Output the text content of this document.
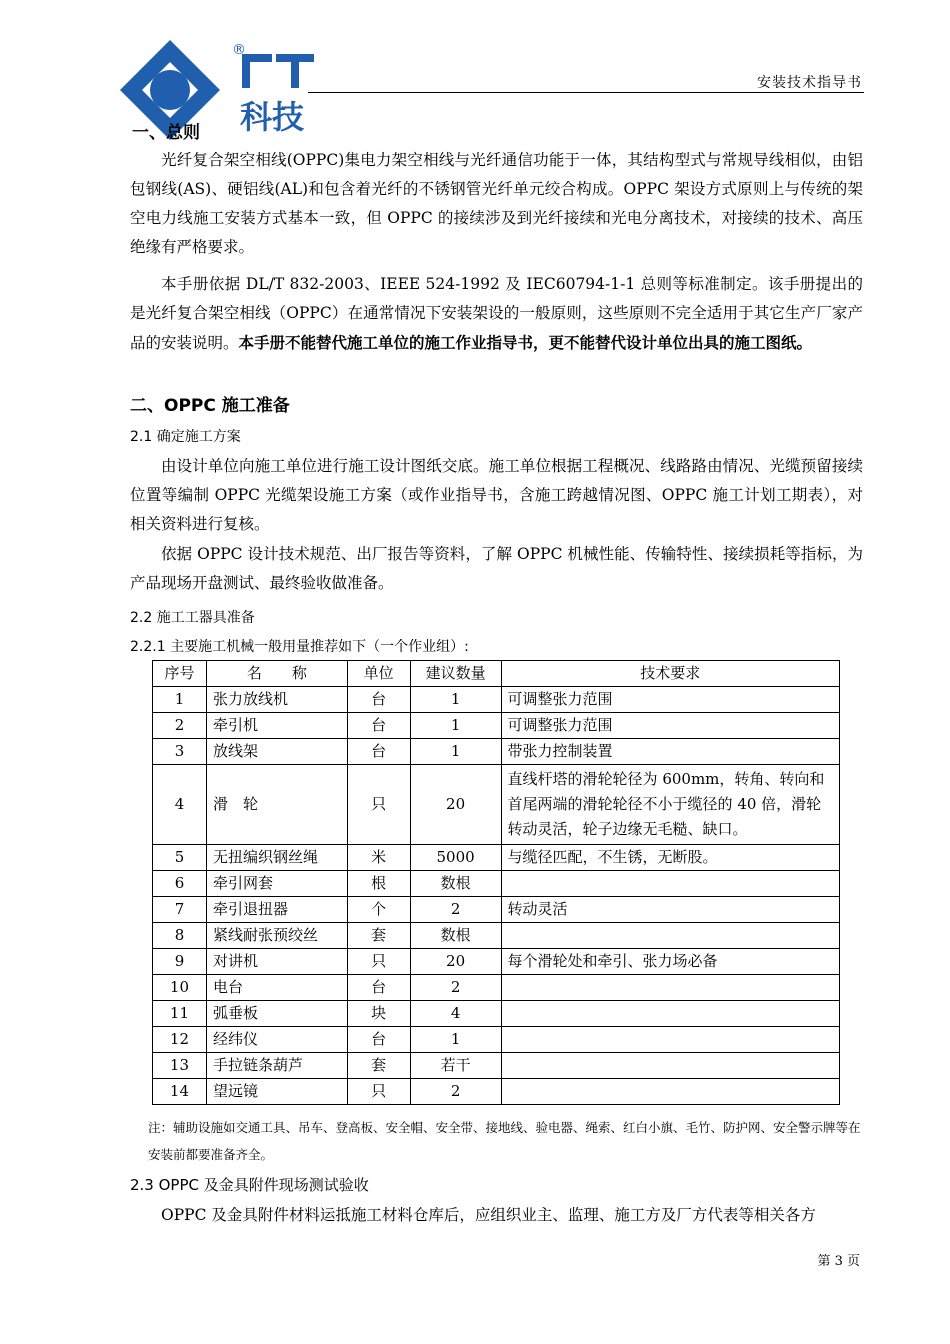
®
科技
安装技术指导书
一、总则

光纤复合架空相线(OPPC)集电力架空相线与光纤通信功能于一体，其结构型式与常规导线相似，由铝包钢线(AS)、硬铝线(AL)和包含着光纤的不锈钢管光纤单元绞合构成。OPPC 架设方式原则上与传统的架空电力线施工安装方式基本一致，但 OPPC 的接续涉及到光纤接续和光电分离技术，对接续的技术、高压绝缘有严格要求。

本手册依据 DL/T 832-2003、IEEE 524-1992 及 IEC60794-1-1 总则等标准制定。该手册提出的是光纤复合架空相线（OPPC）在通常情况下安装架设的一般原则，这些原则不完全适用于其它生产厂家产品的安装说明。本手册不能替代施工单位的施工作业指导书，更不能替代设计单位出具的施工图纸。

二、OPPC 施工准备
2.1 确定施工方案

由设计单位向施工单位进行施工设计图纸交底。施工单位根据工程概况、线路路由情况、光缆预留接续位置等编制 OPPC 光缆架设施工方案（或作业指导书，含施工跨越情况图、OPPC 施工计划工期表），对相关资料进行复核。

依据 OPPC 设计技术规范、出厂报告等资料，了解 OPPC 机械性能、传输特性、接续损耗等指标，为产品现场开盘测试、最终验收做准备。

2.2 施工工器具准备
2.2.1 主要施工机械一般用量推荐如下（一个作业组）:
序号	名　　称	单位	建议数量	技术要求
1	张力放线机	台	1	可调整张力范围
2	牵引机	台	1	可调整张力范围
3	放线架	台	1	带张力控制装置
4	滑　轮	只	20	直线杆塔的滑轮轮径为 600mm，转角、转向和首尾两端的滑轮轮径不小于缆径的 40 倍，滑轮转动灵活，轮子边缘无毛糙、缺口。
5	无扭编织钢丝绳	米	5000	与缆径匹配，不生锈，无断股。
6	牵引网套	根	数根	
7	牵引退扭器	个	2	转动灵活
8	紧线耐张预绞丝	套	数根	
9	对讲机	只	20	每个滑轮处和牵引、张力场必备
10	电台	台	2	
11	弧垂板	块	4	
12	经纬仪	台	1	
13	手拉链条葫芦	套	若干	
14	望远镜	只	2	

注：辅助设施如交通工具、吊车、登高板、安全帽、安全带、接地线、验电器、绳索、红白小旗、毛竹、防护网、安全警示牌等在安装前都要准备齐全。

2.3 OPPC 及金具附件现场测试验收

OPPC 及金具附件材料运抵施工材料仓库后，应组织业主、监理、施工方及厂方代表等相关各方

第 3 页
